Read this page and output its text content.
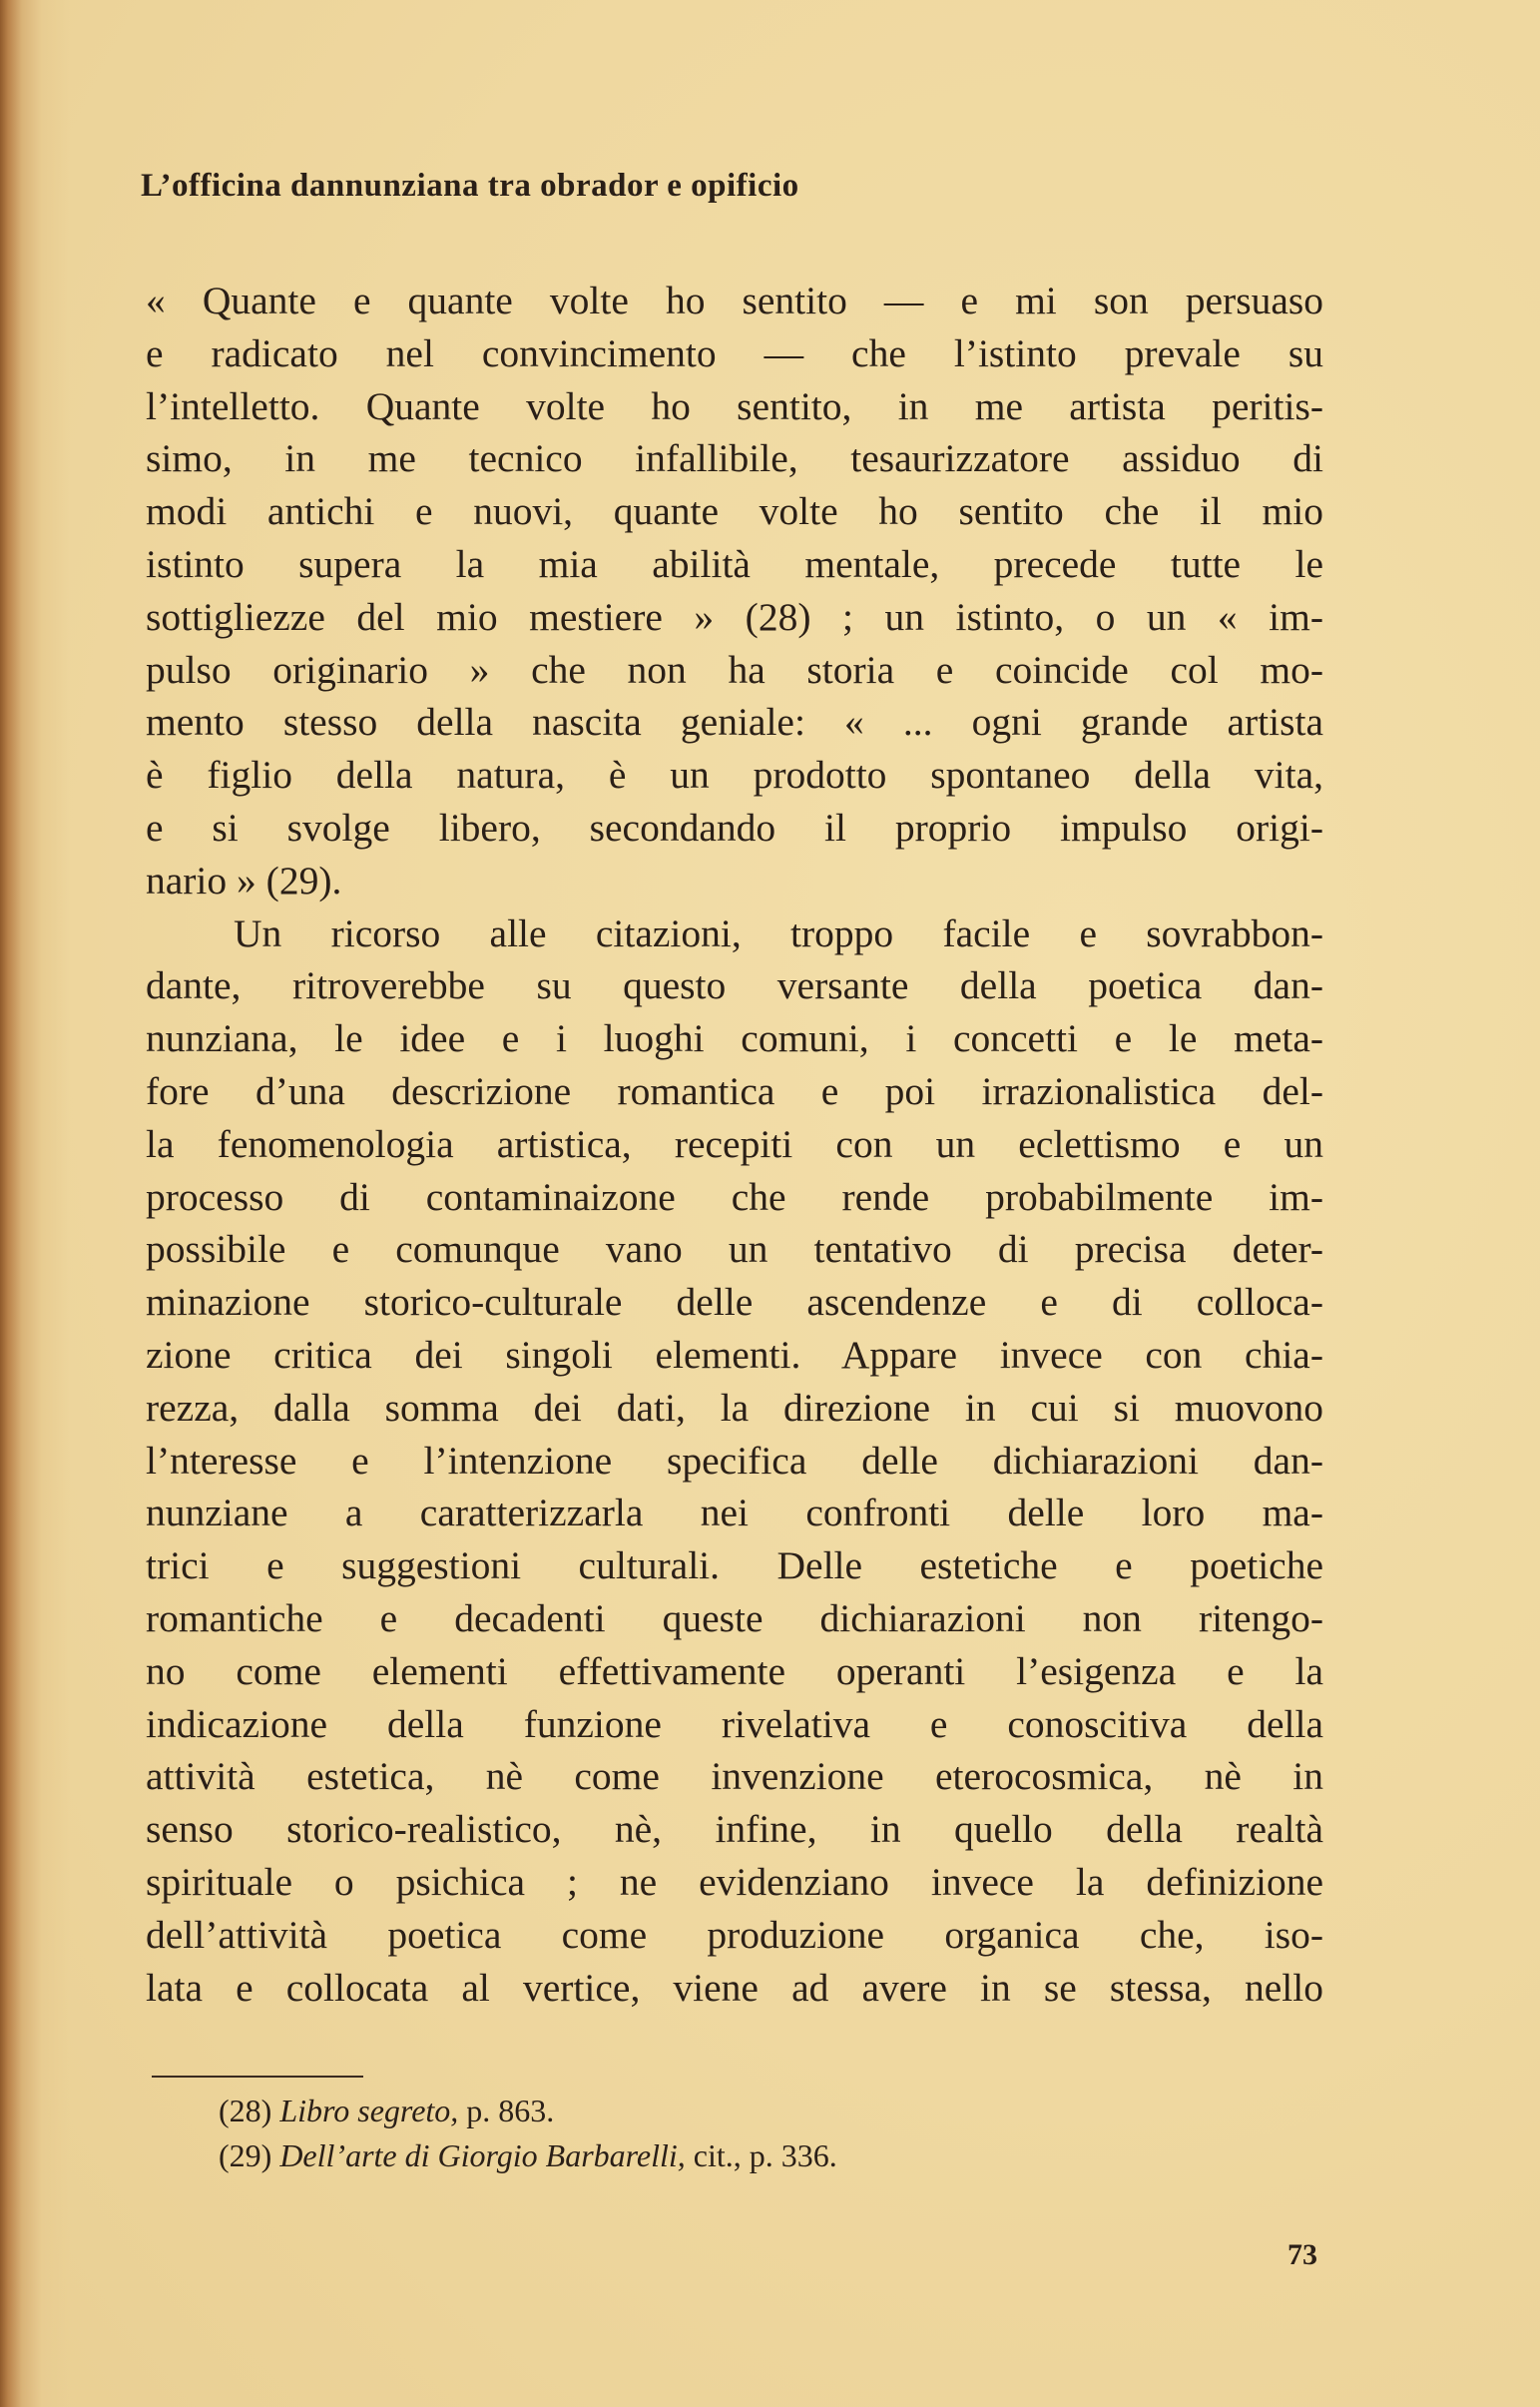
L’officina dannunziana tra obrador e opificio
« Quante e quante volte ho sentito — e mi son persuaso
e radicato nel convincimento — che l’istinto prevale su
l’intelletto. Quante volte ho sentito, in me artista peritis-
simo, in me tecnico infallibile, tesaurizzatore assiduo di
modi antichi e nuovi, quante volte ho sentito che il mio
istinto supera la mia abilità mentale, precede tutte le
sottigliezze del mio mestiere » (28) ; un istinto, o un « im-
pulso originario » che non ha storia e coincide col mo-
mento stesso della nascita geniale: « ... ogni grande artista
è figlio della natura, è un prodotto spontaneo della vita,
e si svolge libero, secondando il proprio impulso origi-
nario » (29).
Un ricorso alle citazioni, troppo facile e sovrabbon-
dante, ritroverebbe su questo versante della poetica dan-
nunziana, le idee e i luoghi comuni, i concetti e le meta-
fore d’una descrizione romantica e poi irrazionalistica del-
la fenomenologia artistica, recepiti con un eclettismo e un
processo di contaminaizone che rende probabilmente im-
possibile e comunque vano un tentativo di precisa deter-
minazione storico-culturale delle ascendenze e di colloca-
zione critica dei singoli elementi. Appare invece con chia-
rezza, dalla somma dei dati, la direzione in cui si muovono
l’nteresse e l’intenzione specifica delle dichiarazioni dan-
nunziane a caratterizzarla nei confronti delle loro ma-
trici e suggestioni culturali. Delle estetiche e poetiche
romantiche e decadenti queste dichiarazioni non ritengo-
no come elementi effettivamente operanti l’esigenza e la
indicazione della funzione rivelativa e conoscitiva della
attività estetica, nè come invenzione eterocosmica, nè in
senso storico-realistico, nè, infine, in quello della realtà
spirituale o psichica ; ne evidenziano invece la definizione
dell’attività poetica come produzione organica che, iso-
lata e collocata al vertice, viene ad avere in se stessa, nello
(28) Libro segreto, p. 863.
(29) Dell’arte di Giorgio Barbarelli, cit., p. 336.
73
